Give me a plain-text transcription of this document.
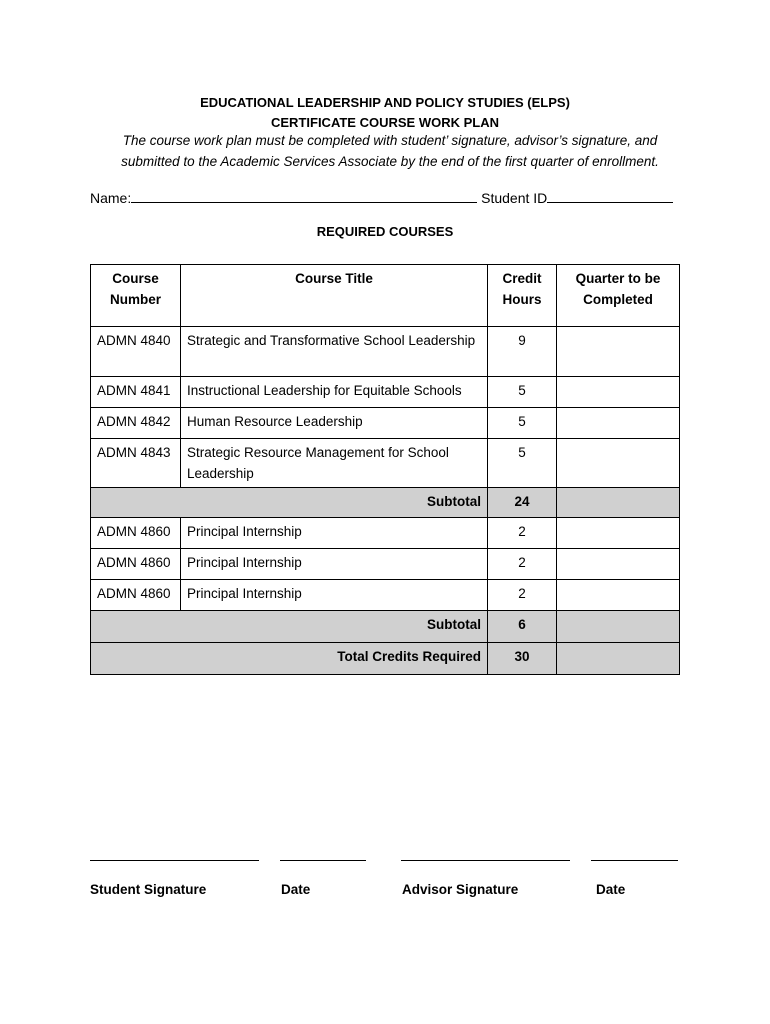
EDUCATIONAL LEADERSHIP AND POLICY STUDIES (ELPS)
CERTIFICATE COURSE WORK PLAN
The course work plan must be completed with student’ signature, advisor’s signature, and
submitted to the Academic Services Associate by the end of the first quarter of enrollment.
Name:	Student ID
REQUIRED COURSES
Course Number	Course Title	Credit Hours	Quarter to be Completed
ADMN 4840	Strategic and Transformative School Leadership	9	
ADMN 4841	Instructional Leadership for Equitable Schools	5	
ADMN 4842	Human Resource Leadership	5	
ADMN 4843	Strategic Resource Management for School Leadership	5	
Subtotal		24	
ADMN 4860	Principal Internship	2	
ADMN 4860	Principal Internship	2	
ADMN 4860	Principal Internship	2	
Subtotal		6	
Total Credits Required		30	
Student Signature	Date	Advisor Signature	Date
